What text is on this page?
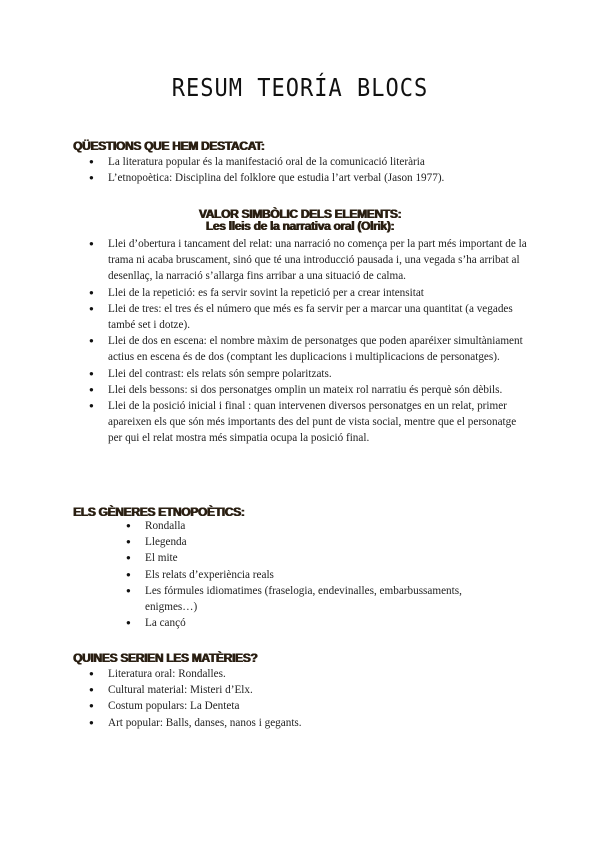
RESUM TEORÍA BLOCS
QÜESTIONS QUE HEM DESTACAT:
● La literatura popular és la manifestació oral de la comunicació literària
● L’etnopoètica: Disciplina del folklore que estudia l’art verbal (Jason 1977).
VALOR SIMBÒLIC DELS ELEMENTS:
Les lleis de la narrativa oral (Olrik):
● Llei d’obertura i tancament del relat: una narració no comença per la part més important de la trama ni acaba bruscament, sinó que té una introducció pausada i, una vegada s’ha arribat al desenllaç, la narració s’allarga fins arribar a una situació de calma.
● Llei de la repetició: es fa servir sovint la repetició per a crear intensitat
● Llei de tres: el tres és el número que més es fa servir per a marcar una quantitat (a vegades també set i dotze).
● Llei de dos en escena: el nombre màxim de personatges que poden aparéixer simultàniament actius en escena és de dos (comptant les duplicacions i multiplicacions de personatges).
● Llei del contrast: els relats són sempre polaritzats.
● Llei dels bessons: si dos personatges omplin un mateix rol narratiu és perquè són dèbils.
● Llei de la posició inicial i final : quan intervenen diversos personatges en un relat, primer apareixen els que són més importants des del punt de vista social, mentre que el personatge per qui el relat mostra més simpatia ocupa la posició final.
ELS GÈNERES ETNOPOÈTICS:
● Rondalla
● Llegenda
● El mite
● Els relats d’experiència reals
● Les fórmules idiomatimes (fraselogia, endevinalles, embarbussaments, enigmes…)
● La cançó
QUINES SERIEN LES MATÈRIES?
● Literatura oral: Rondalles.
● Cultural material: Misteri d’Elx.
● Costum populars: La Denteta
● Art popular: Balls, danses, nanos i gegants.
